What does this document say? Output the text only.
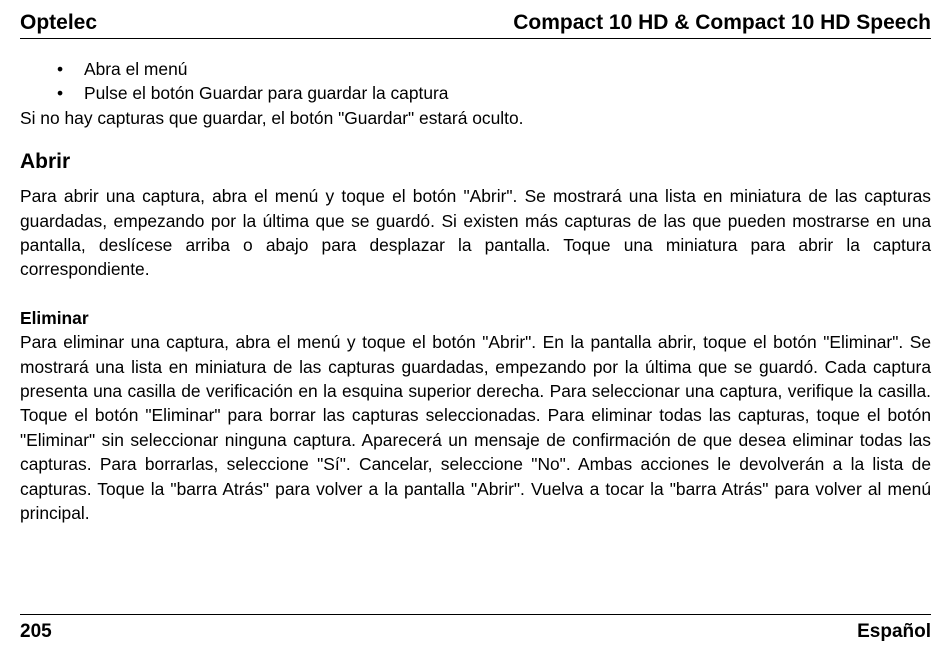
Optelec	Compact 10 HD & Compact 10 HD Speech
• Abra el menú
• Pulse el botón Guardar para guardar la captura

Si no hay capturas que guardar, el botón "Guardar" estará oculto.

Abrir

Para abrir una captura, abra el menú y toque el botón "Abrir". Se mostrará una lista en miniatura de las capturas guardadas, empezando por la última que se guardó. Si existen más capturas de las que pueden mostrarse en una pantalla, deslícese arriba o abajo para desplazar la pantalla. Toque una miniatura para abrir la captura correspondiente.

Eliminar

Para eliminar una captura, abra el menú y toque el botón "Abrir". En la pantalla abrir, toque el botón "Eliminar". Se mostrará una lista en miniatura de las capturas guardadas, empezando por la última que se guardó. Cada captura presenta una casilla de verificación en la esquina superior derecha. Para seleccionar una captura, verifique la casilla. Toque el botón "Eliminar" para borrar las capturas seleccionadas. Para eliminar todas las capturas, toque el botón "Eliminar" sin seleccionar ninguna captura. Aparecerá un mensaje de confirmación de que desea eliminar todas las capturas. Para borrarlas, seleccione "Sí". Cancelar, seleccione "No". Ambas acciones le devolverán a la lista de capturas. Toque la "barra Atrás" para volver a la pantalla "Abrir". Vuelva a tocar la "barra Atrás" para volver al menú principal.

205	Español
